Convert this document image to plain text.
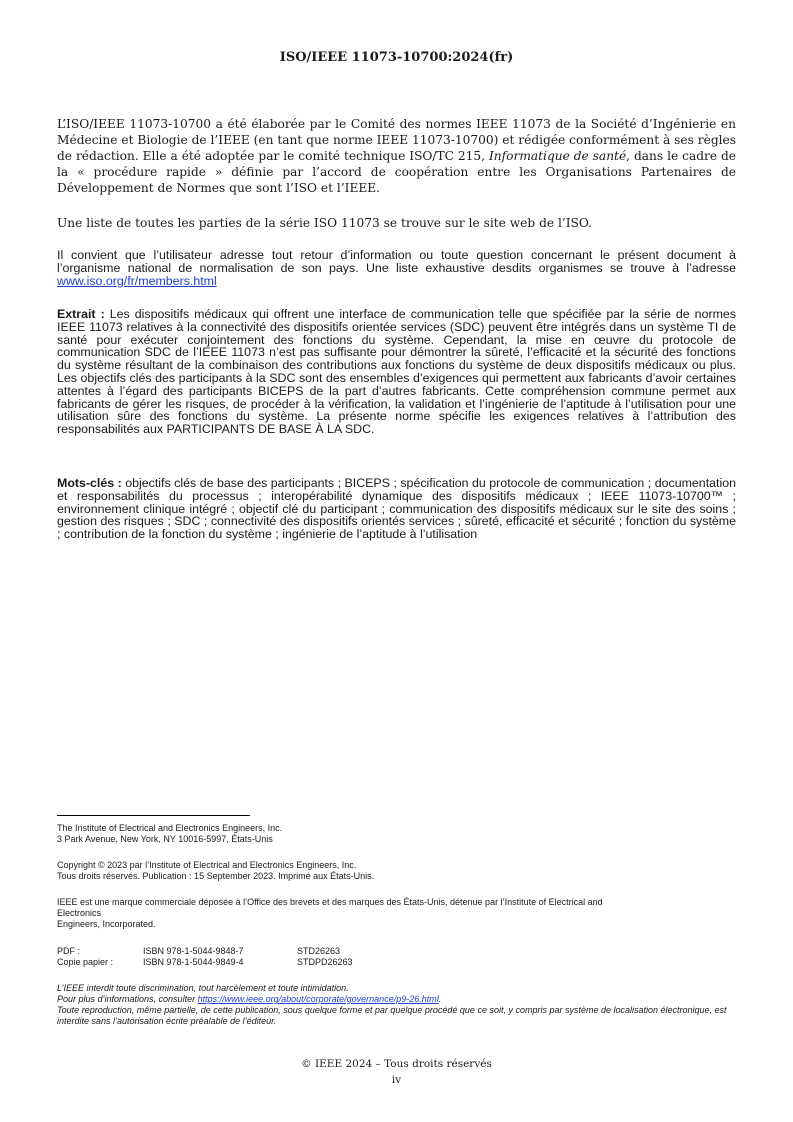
ISO/IEEE 11073-10700:2024(fr)

L’ISO/IEEE 11073-10700 a été élaborée par le Comité des normes IEEE 11073 de la Société d’Ingénierie en Médecine et Biologie de l’IEEE (en tant que norme IEEE 11073-10700) et rédigée conformément à ses règles de rédaction. Elle a été adoptée par le comité technique ISO/TC 215, Informatique de santé, dans le cadre de la « procédure rapide » définie par l’accord de coopération entre les Organisations Partenaires de Développement de Normes que sont l’ISO et l’IEEE.

Une liste de toutes les parties de la série ISO 11073 se trouve sur le site web de l’ISO.

Il convient que l’utilisateur adresse tout retour d’information ou toute question concernant le présent document à l’organisme national de normalisation de son pays. Une liste exhaustive desdits organismes se trouve à l’adresse www.iso.org/fr/members.html

Extrait : Les dispositifs médicaux qui offrent une interface de communication telle que spécifiée par la série de normes IEEE 11073 relatives à la connectivité des dispositifs orientée services (SDC) peuvent être intégrés dans un système TI de santé pour exécuter conjointement des fonctions du système. Cependant, la mise en œuvre du protocole de communication SDC de l’IEEE 11073 n’est pas suffisante pour démontrer la sûreté, l’efficacité et la sécurité des fonctions du système résultant de la combinaison des contributions aux fonctions du système de deux dispositifs médicaux ou plus. Les objectifs clés des participants à la SDC sont des ensembles d’exigences qui permettent aux fabricants d’avoir certaines attentes à l’égard des participants BICEPS de la part d’autres fabricants. Cette compréhension commune permet aux fabricants de gérer les risques, de procéder à la vérification, la validation et l’ingénierie de l’aptitude à l’utilisation pour une utilisation sûre des fonctions du système. La présente norme spécifie les exigences relatives à l’attribution des responsabilités aux PARTICIPANTS DE BASE À LA SDC.

Mots-clés : objectifs clés de base des participants ; BICEPS ; spécification du protocole de communication ; documentation et responsabilités du processus ; interopérabilité dynamique des dispositifs médicaux ; IEEE 11073-10700™ ; environnement clinique intégré ; objectif clé du participant ; communication des dispositifs médicaux sur le site des soins ; gestion des risques ; SDC ; connectivité des dispositifs orientés services ; sûreté, efficacité et sécurité ; fonction du système ; contribution de la fonction du système ; ingénierie de l’aptitude à l’utilisation

The Institute of Electrical and Electronics Engineers, Inc.

3 Park Avenue, New York, NY 10016-5997, États-Unis

Copyright © 2023 par l’Institute of Electrical and Electronics Engineers, Inc.

Tous droits réservés. Publication : 15 September 2023. Imprimé aux États-Unis.

IEEE est une marque commerciale déposée à l’Office des brevets et des marques des États-Unis, détenue par l’Institute of Electrical and

Electronics

Engineers, Incorporated.

PDF :	ISBN 978-1-5044-9848-7	STD26263
Copie papier :	ISBN 978-1-5044-9849-4	STDPD26263

L’IEEE interdit toute discrimination, tout harcèlement et toute intimidation.

Pour plus d’informations, consulter https://www.ieee.org/about/corporate/governance/p9-26.html.

Toute reproduction, même partielle, de cette publication, sous quelque forme et par quelque procédé que ce soit, y compris par système de localisation électronique, est interdite sans l’autorisation écrite préalable de l’éditeur.

© IEEE 2024 – Tous droits réservés
iv
